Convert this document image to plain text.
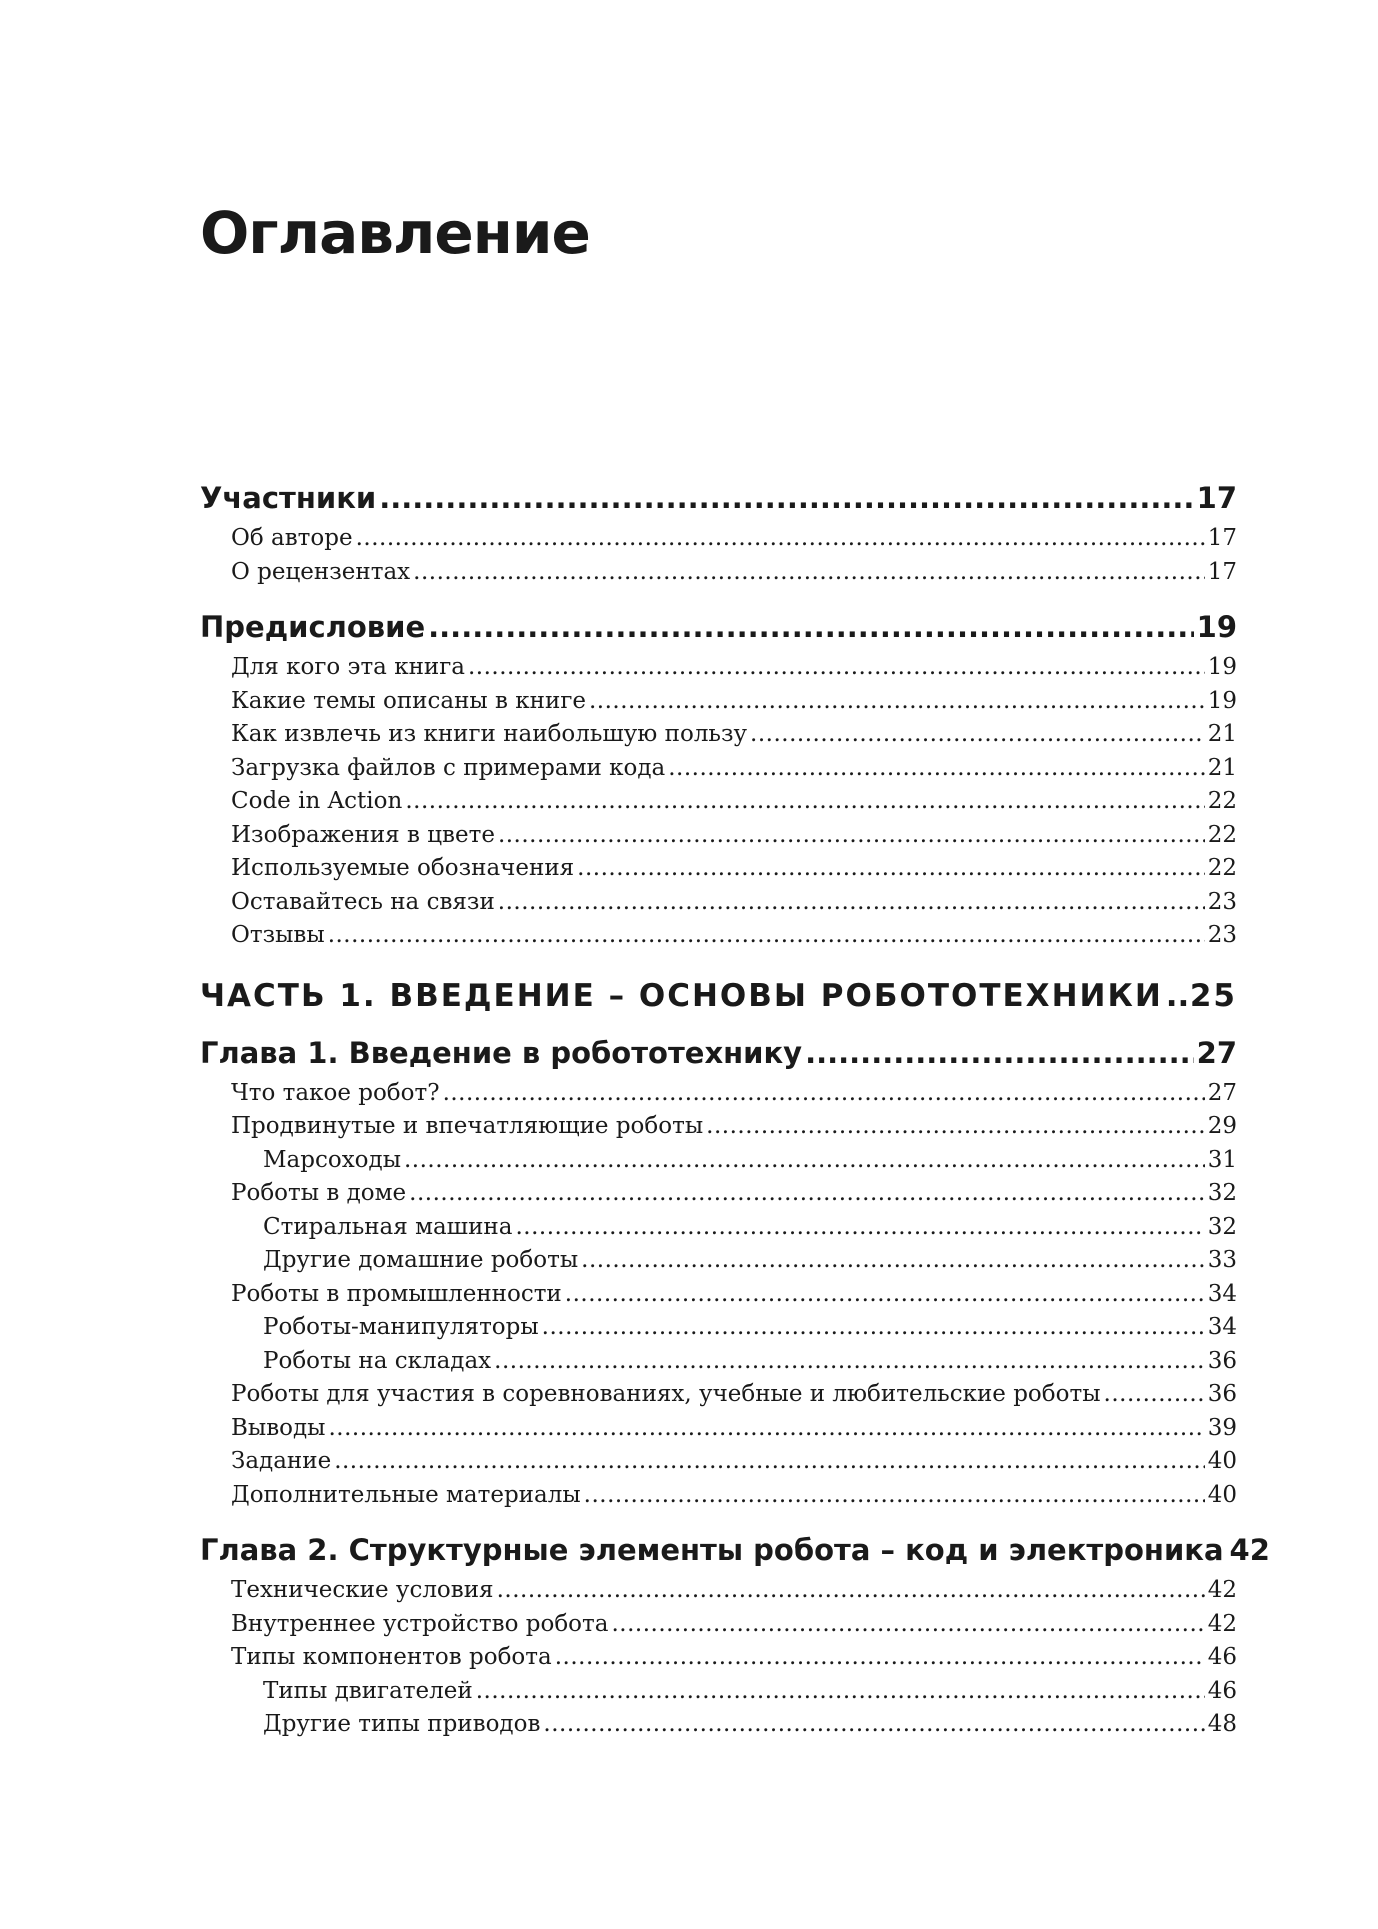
Оглавление
Участники .....	17
Об авторе .....	17
О рецензентах .....	17
Предисловие .....	19
Для кого эта книга .....	19
Какие темы описаны в книге .....	19
Как извлечь из книги наибольшую пользу .....	21
Загрузка файлов с примерами кода .....	21
Code in Action .....	22
Изображения в цвете .....	22
Используемые обозначения .....	22
Оставайтесь на связи .....	23
Отзывы .....	23
ЧАСТЬ 1. ВВЕДЕНИЕ – ОСНОВЫ РОБОТОТЕХНИКИ ..... 25
Глава 1. Введение в робототехнику .....	27
Что такое робот? .....	27
Продвинутые и впечатляющие роботы .....	29
Марсоходы .....	31
Роботы в доме .....	32
Стиральная машина .....	32
Другие домашние роботы .....	33
Роботы в промышленности .....	34
Роботы-манипуляторы .....	34
Роботы на складах .....	36
Роботы для участия в соревнованиях, учебные и любительские роботы .....	36
Выводы .....	39
Задание .....	40
Дополнительные материалы .....	40
Глава 2. Структурные элементы робота – код и электроника 42
Технические условия .....	42
Внутреннее устройство робота .....	42
Типы компонентов робота .....	46
Типы двигателей .....	46
Другие типы приводов .....	48
